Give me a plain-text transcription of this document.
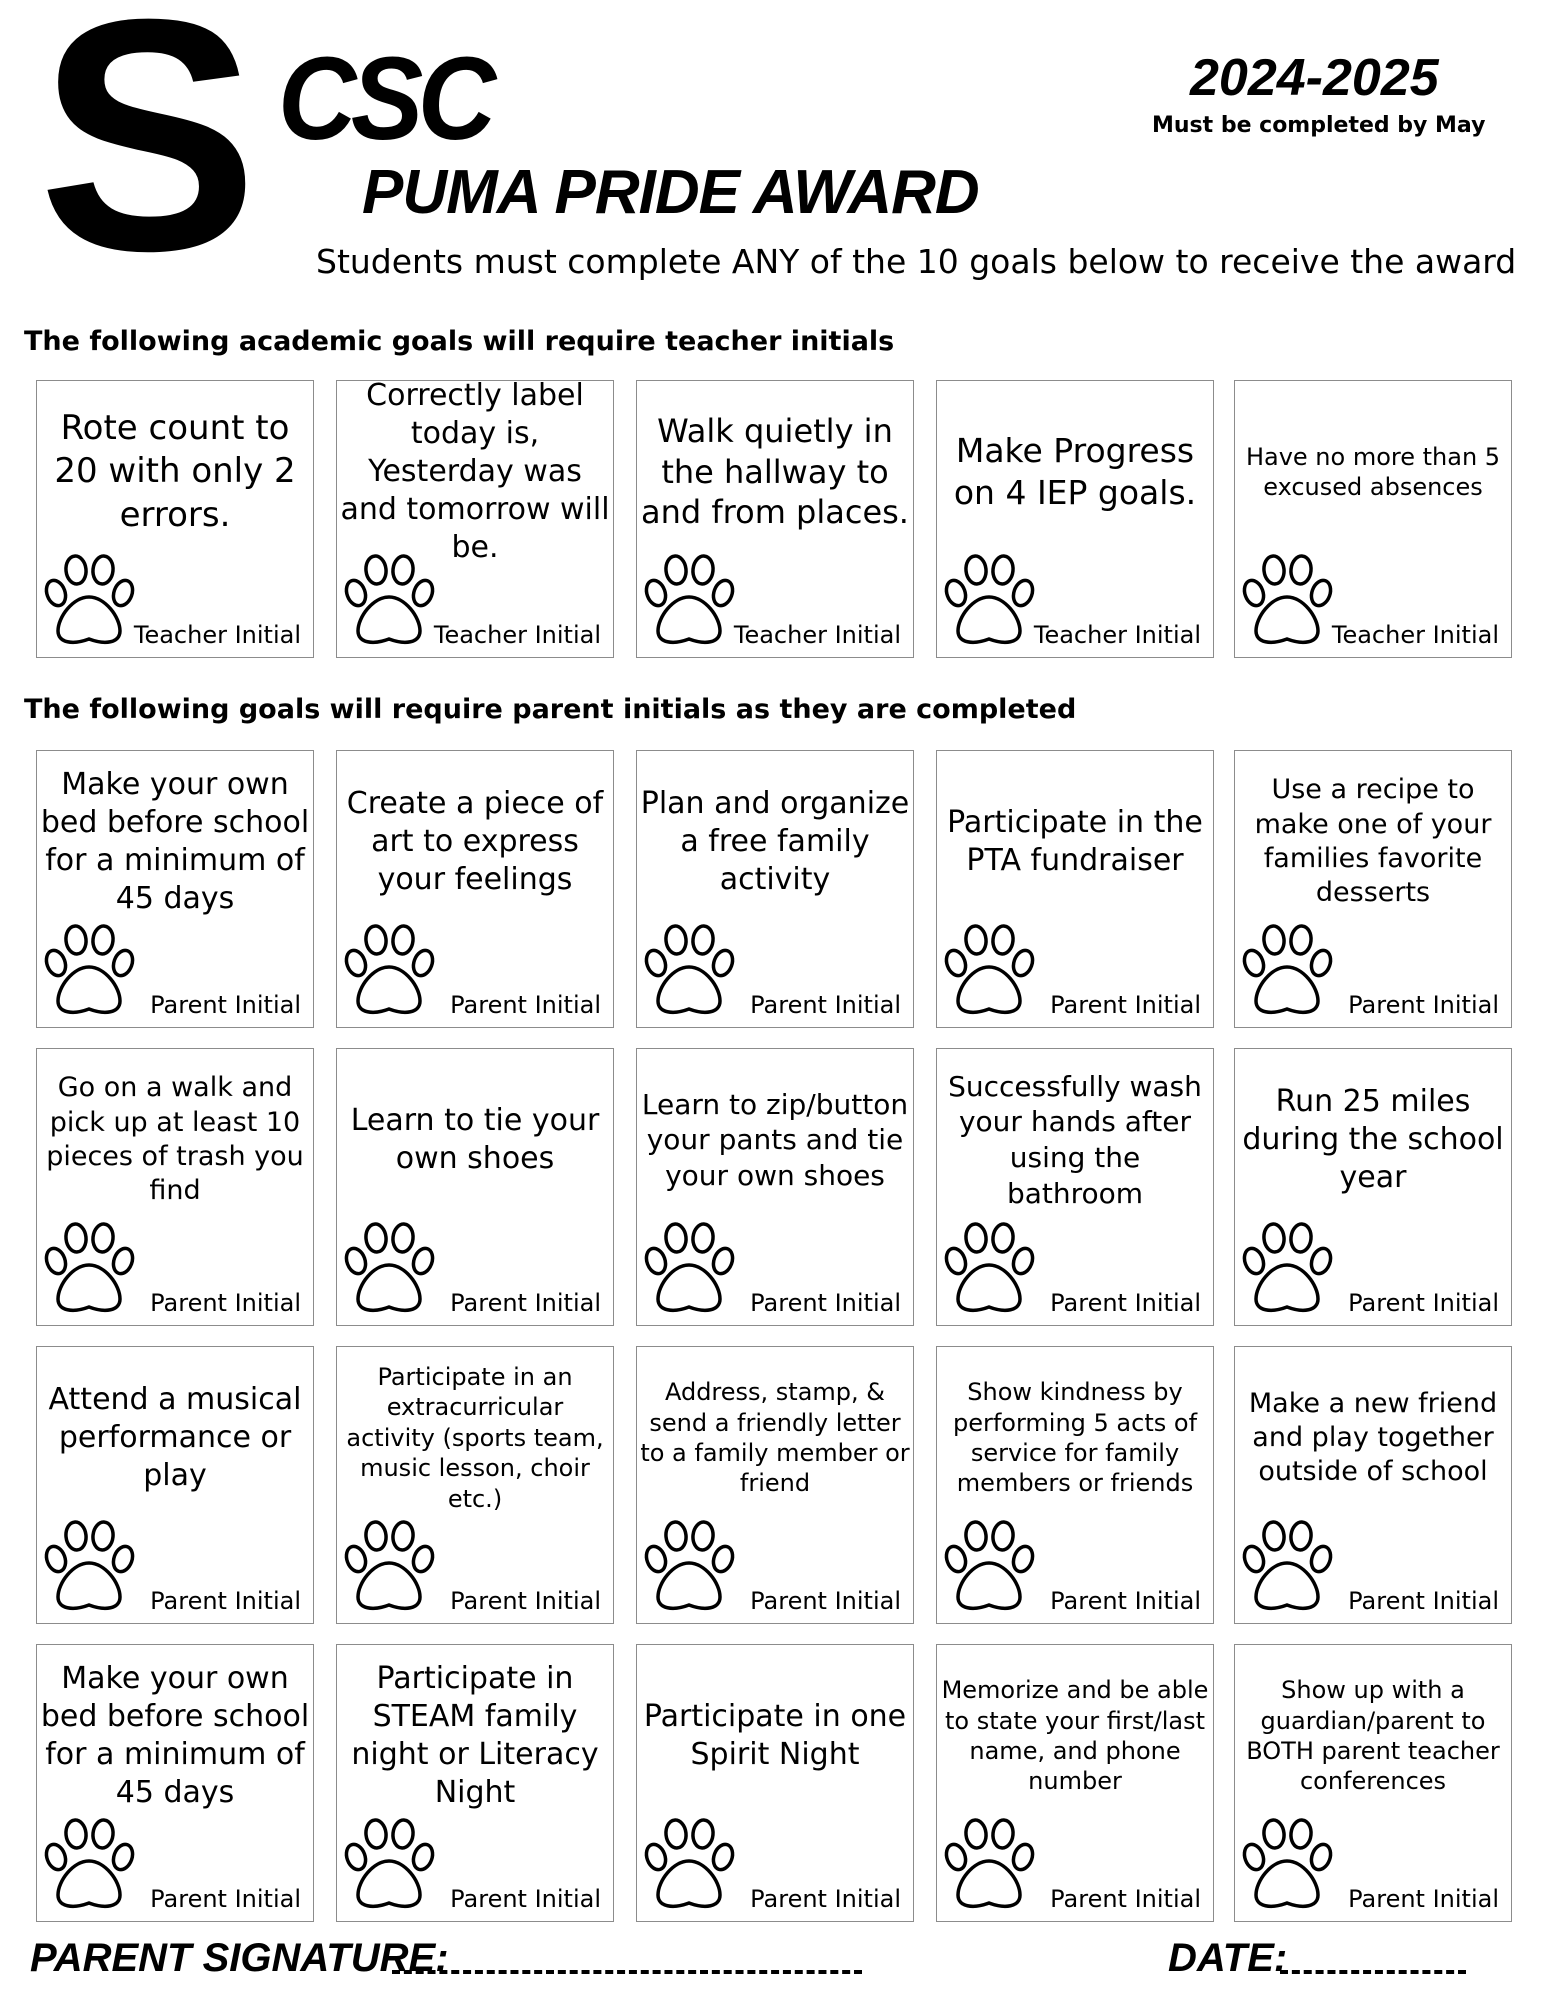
S CSC
PUMA PRIDE AWARD
2024-2025
Must be completed by May
Students must complete ANY of the 10 goals below to receive the award
The following academic goals will require teacher initials
Rote count to 20 with only 2 errors.
Teacher Initial
Correctly label today is, Yesterday was and tomorrow will be.
Teacher Initial
Walk quietly in the hallway to and from places.
Teacher Initial
Make Progress on 4 IEP goals.
Teacher Initial
Have no more than 5 excused absences
Teacher Initial
The following goals will require parent initials as they are completed
Make your own bed before school for a minimum of 45 days
Parent Initial
Create a piece of art to express your feelings
Parent Initial
Plan and organize a free family activity
Parent Initial
Participate in the PTA fundraiser
Parent Initial
Use a recipe to make one of your families favorite desserts
Parent Initial
Go on a walk and pick up at least 10 pieces of trash you find
Parent Initial
Learn to tie your own shoes
Parent Initial
Learn to zip/button your pants and tie your own shoes
Parent Initial
Successfully wash your hands after using the bathroom
Parent Initial
Run 25 miles during the school year
Parent Initial
Attend a musical performance or play
Parent Initial
Participate in an extracurricular activity (sports team, music lesson, choir etc.)
Parent Initial
Address, stamp, & send a friendly letter to a family member or friend
Parent Initial
Show kindness by performing 5 acts of service for family members or friends
Parent Initial
Make a new friend and play together outside of school
Parent Initial
Make your own bed before school for a minimum of 45 days
Parent Initial
Participate in STEAM family night or Literacy Night
Parent Initial
Participate in one Spirit Night
Parent Initial
Memorize and be able to state your first/last name, and phone number
Parent Initial
Show up with a guardian/parent to BOTH parent teacher conferences
Parent Initial
PARENT SIGNATURE:	DATE:
